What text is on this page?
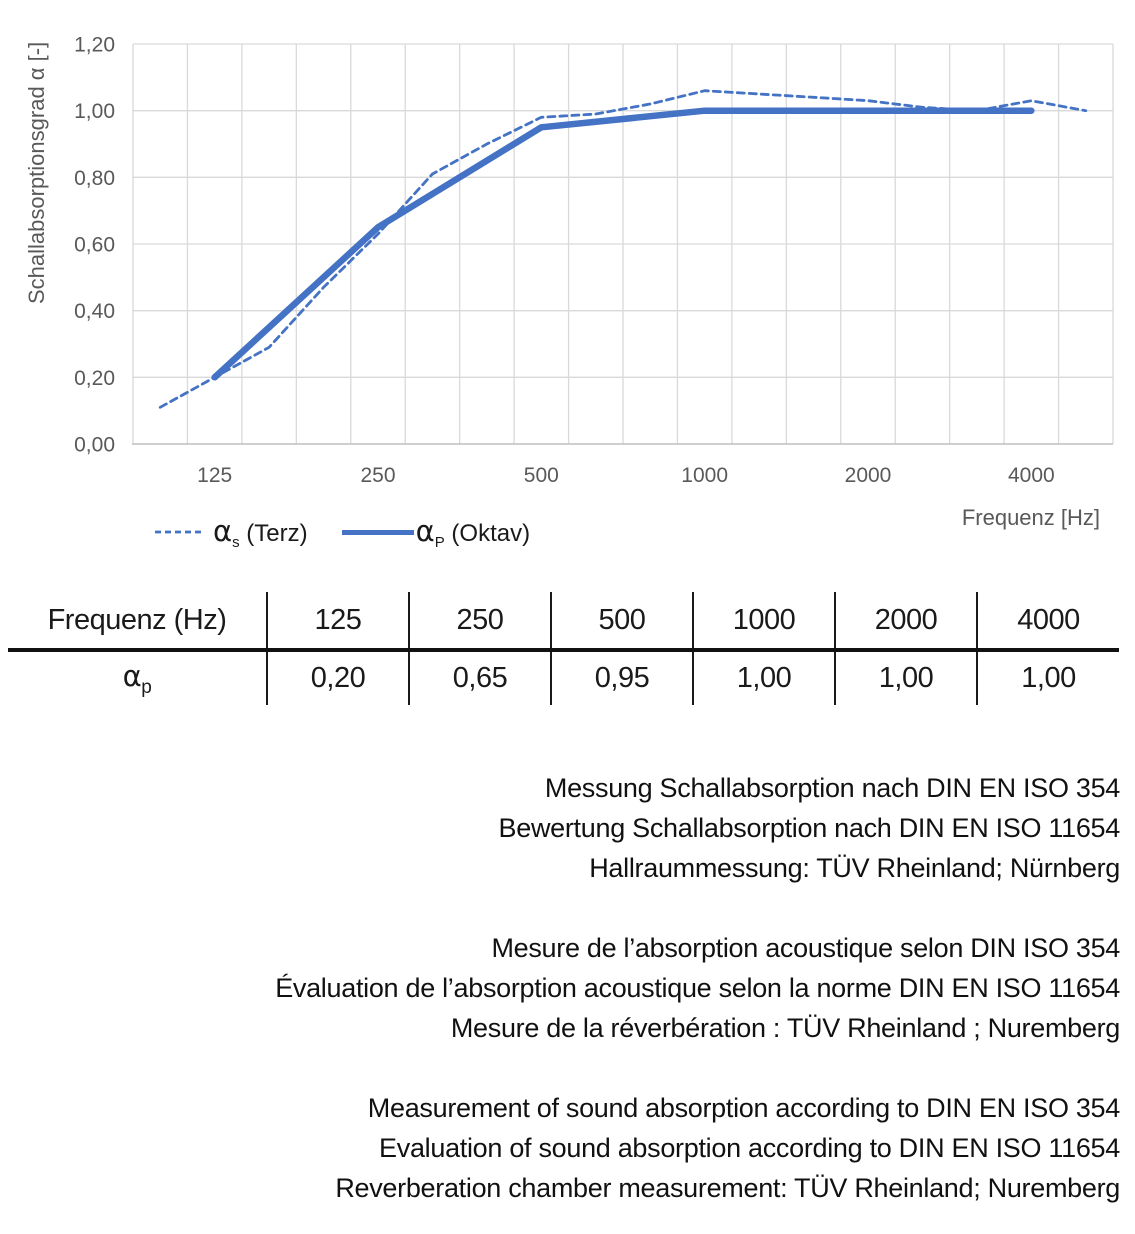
1,20
1,00
0,80
0,60
0,40
0,20
0,00
125	250	500	1000	2000	4000
Schallabsorptionsgrad α [-]
Frequenz [Hz]
$\alpha_s$ (Terz)	$\alpha_P$ (Oktav)
Frequenz (Hz)	125	250	500	1000	2000	4000
$\alpha_p$	0,20	0,65	0,95	1,00	1,00	1,00
Messung Schallabsorption nach DIN EN ISO 354
Bewertung Schallabsorption nach DIN EN ISO 11654
Hallraummessung: TÜV Rheinland; Nürnberg
Mesure de l’absorption acoustique selon DIN ISO 354
Évaluation de l’absorption acoustique selon la norme DIN EN ISO 11654
Mesure de la réverbération : TÜV Rheinland ; Nuremberg
Measurement of sound absorption according to DIN EN ISO 354
Evaluation of sound absorption according to DIN EN ISO 11654
Reverberation chamber measurement: TÜV Rheinland; Nuremberg
